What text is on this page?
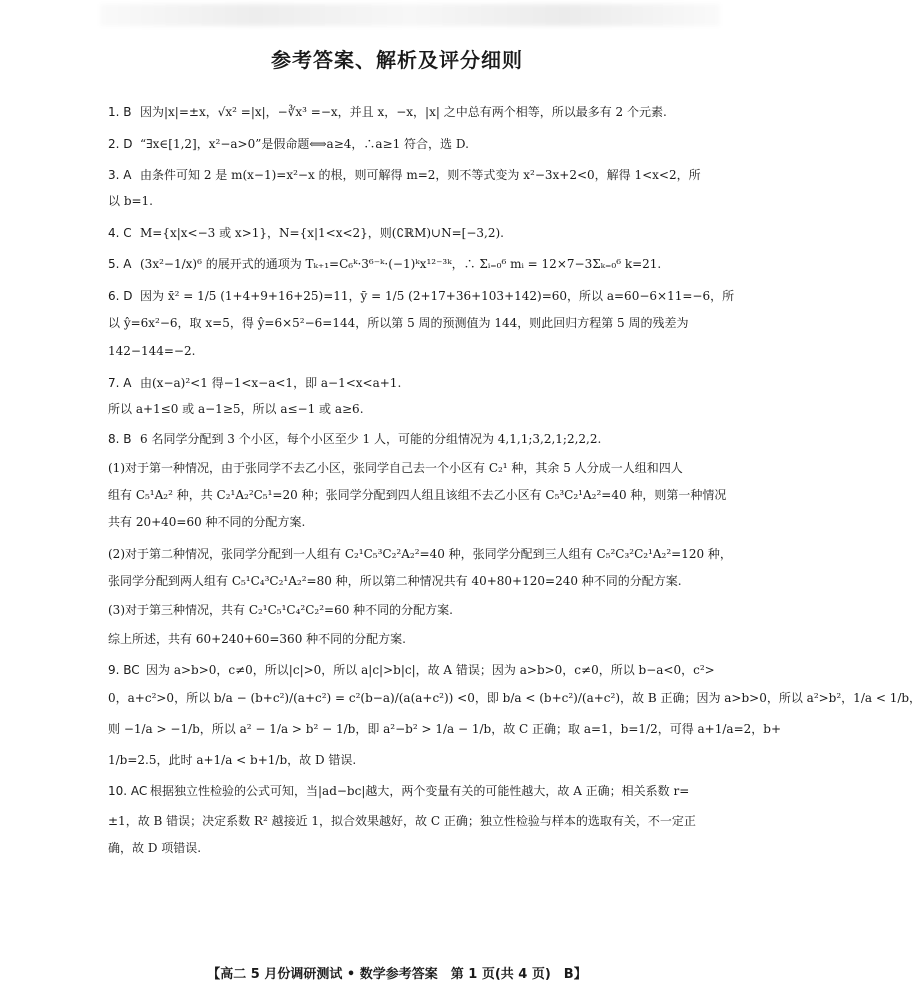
参考答案、解析及评分细则
1. B 因为|x|=±x，√x² =|x|，−∛x³ =−x，并且 x，−x，|x| 之中总有两个相等，所以最多有 2 个元素.
2. D “∃x∈[1,2]，x²−a>0”是假命题⟺a≥4，∴a≥1 符合，选 D.
3. A 由条件可知 2 是 m(x−1)=x²−x 的根，则可解得 m=2，则不等式变为 x²−3x+2<0，解得 1<x<2，所
以 b=1.
4. C M={x|x<−3 或 x>1}，N={x|1<x<2}，则(∁ℝM)∪N=[−3,2).
5. A (3x²−1/x)⁶ 的展开式的通项为 Tₖ₊₁=C₆ᵏ·3⁶⁻ᵏ·(−1)ᵏx¹²⁻³ᵏ，∴ Σᵢ₌₀⁶ mᵢ = 12×7−3Σₖ₌₀⁶ k=21.
6. D 因为 x̄² = 1/5 (1+4+9+16+25)=11，ȳ = 1/5 (2+17+36+103+142)=60，所以 a=60−6×11=−6，所
以 ŷ=6x²−6，取 x=5，得 ŷ=6×5²−6=144，所以第 5 周的预测值为 144，则此回归方程第 5 周的残差为
142−144=−2.
7. A 由(x−a)²<1 得−1<x−a<1，即 a−1<x<a+1.
所以 a+1≤0 或 a−1≥5，所以 a≤−1 或 a≥6.
8. B 6 名同学分配到 3 个小区，每个小区至少 1 人，可能的分组情况为 4,1,1;3,2,1;2,2,2.
(1)对于第一种情况，由于张同学不去乙小区，张同学自己去一个小区有 C₂¹ 种，其余 5 人分成一人组和四人
组有 C₅¹A₂² 种，共 C₂¹A₂²C₅¹=20 种；张同学分配到四人组且该组不去乙小区有 C₅³C₂¹A₂²=40 种，则第一种情况
共有 20+40=60 种不同的分配方案.
(2)对于第二种情况，张同学分配到一人组有 C₂¹C₅³C₂²A₂²=40 种，张同学分配到三人组有 C₅²C₃²C₂¹A₂²=120 种，
张同学分配到两人组有 C₅¹C₄³C₂¹A₂²=80 种，所以第二种情况共有 40+80+120=240 种不同的分配方案.
(3)对于第三种情况，共有 C₂¹C₅¹C₄²C₂²=60 种不同的分配方案.
综上所述，共有 60+240+60=360 种不同的分配方案.
9. BC 因为 a>b>0，c≠0，所以|c|>0，所以 a|c|>b|c|，故 A 错误；因为 a>b>0，c≠0，所以 b−a<0，c²>
0，a+c²>0，所以 b/a − (b+c²)/(a+c²) = c²(b−a)/(a(a+c²)) <0，即 b/a < (b+c²)/(a+c²)，故 B 正确；因为 a>b>0，所以 a²>b²，1/a < 1/b，
则 −1/a > −1/b，所以 a² − 1/a > b² − 1/b，即 a²−b² > 1/a − 1/b，故 C 正确；取 a=1，b=1/2，可得 a+1/a=2，b+
1/b=2.5，此时 a+1/a < b+1/b，故 D 错误.
10. AC 根据独立性检验的公式可知，当|ad−bc|越大，两个变量有关的可能性越大，故 A 正确；相关系数 r=
±1，故 B 错误；决定系数 R² 越接近 1，拟合效果越好，故 C 正确；独立性检验与样本的选取有关，不一定正
确，故 D 项错误.
【高二 5 月份调研测试 • 数学参考答案　第 1 页(共 4 页)　B】
